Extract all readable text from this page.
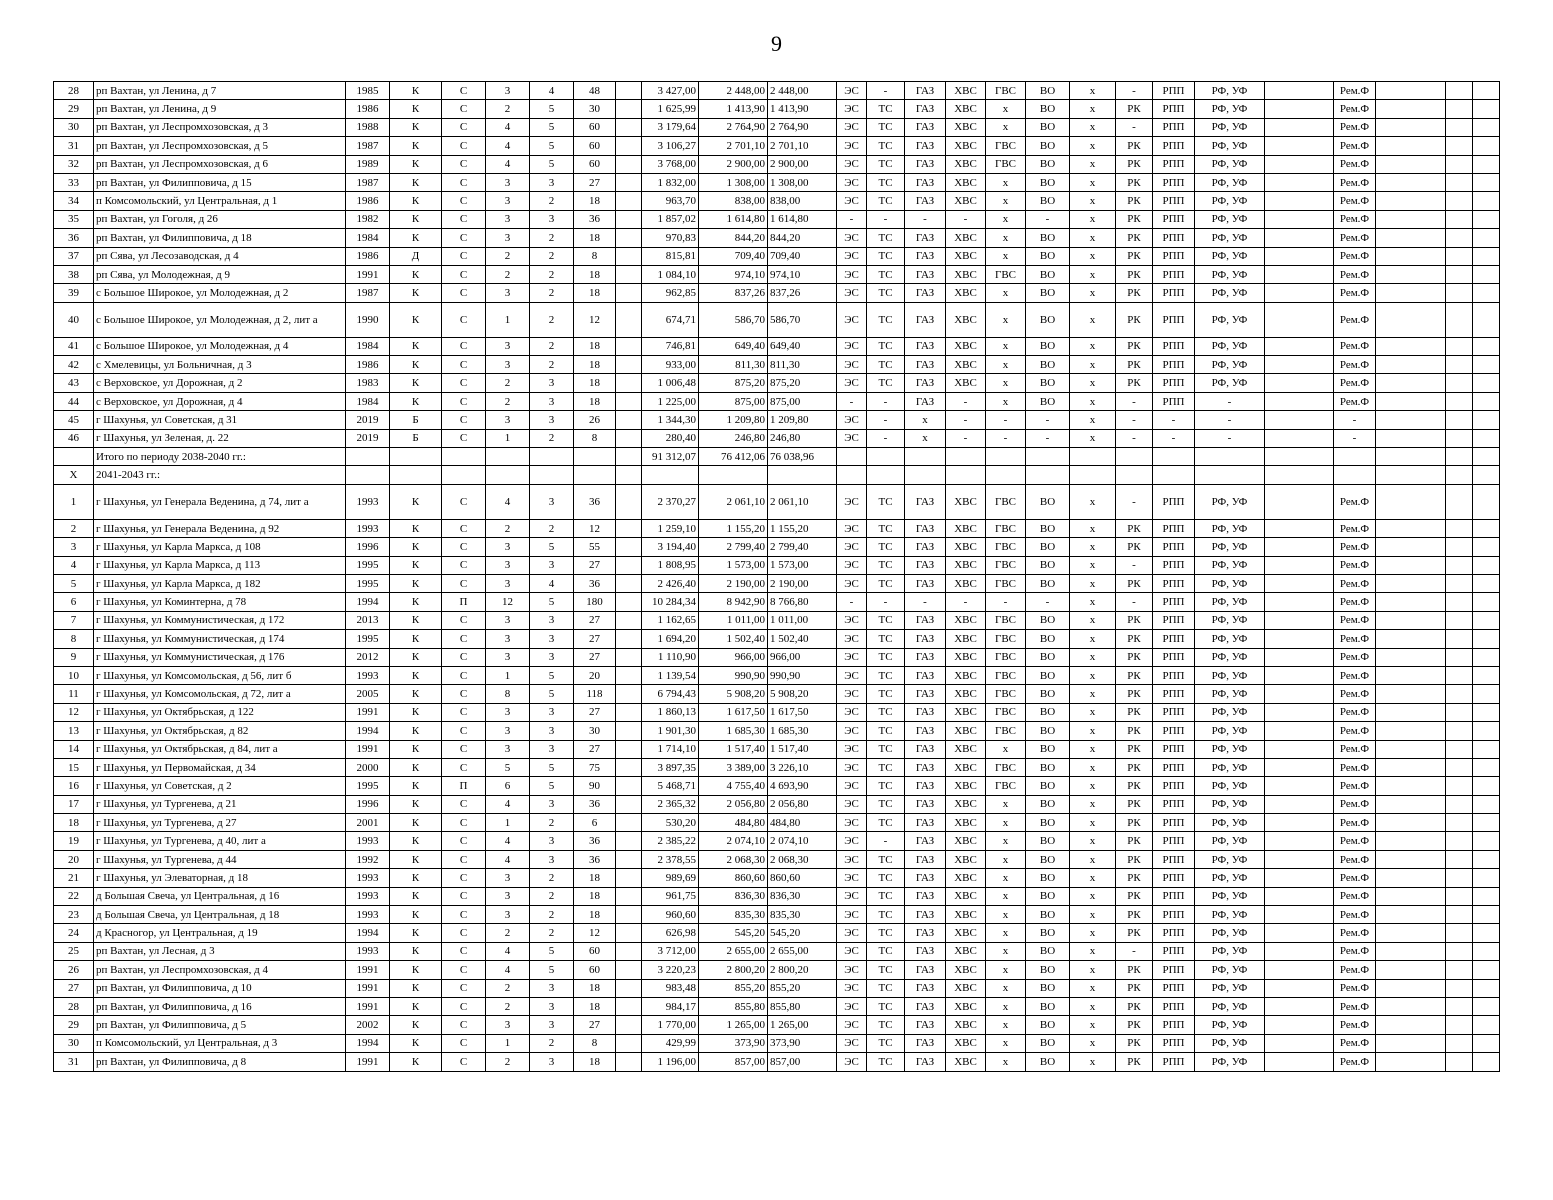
9
28	рп Вахтан, ул Ленина, д 7	1985	К	С	3	4	48		3 427,00	2 448,00	2 448,00	ЭС	-	ГАЗ	ХВС	ГВС	ВО	х	-	РПП	РФ, УФ		Рем.Ф			
29	рп Вахтан, ул Ленина, д 9	1986	К	С	2	5	30		1 625,99	1 413,90	1 413,90	ЭС	ТС	ГАЗ	ХВС	х	ВО	х	РК	РПП	РФ, УФ		Рем.Ф			
30	рп Вахтан, ул Леспромхозовская, д 3	1988	К	С	4	5	60		3 179,64	2 764,90	2 764,90	ЭС	ТС	ГАЗ	ХВС	х	ВО	х	-	РПП	РФ, УФ		Рем.Ф			
31	рп Вахтан, ул Леспромхозовская, д 5	1987	К	С	4	5	60		3 106,27	2 701,10	2 701,10	ЭС	ТС	ГАЗ	ХВС	ГВС	ВО	х	РК	РПП	РФ, УФ		Рем.Ф			
32	рп Вахтан, ул Леспромхозовская, д 6	1989	К	С	4	5	60		3 768,00	2 900,00	2 900,00	ЭС	ТС	ГАЗ	ХВС	ГВС	ВО	х	РК	РПП	РФ, УФ		Рем.Ф			
33	рп Вахтан, ул Филипповича, д 15	1987	К	С	3	3	27		1 832,00	1 308,00	1 308,00	ЭС	ТС	ГАЗ	ХВС	х	ВО	х	РК	РПП	РФ, УФ		Рем.Ф			
34	п Комсомольский, ул Центральная, д 1	1986	К	С	3	2	18		963,70	838,00	838,00	ЭС	ТС	ГАЗ	ХВС	х	ВО	х	РК	РПП	РФ, УФ		Рем.Ф			
35	рп Вахтан, ул Гоголя, д 26	1982	К	С	3	3	36		1 857,02	1 614,80	1 614,80	-	-	-	-	х	-	х	РК	РПП	РФ, УФ		Рем.Ф			
36	рп Вахтан, ул Филипповича, д 18	1984	К	С	3	2	18		970,83	844,20	844,20	ЭС	ТС	ГАЗ	ХВС	х	ВО	х	РК	РПП	РФ, УФ		Рем.Ф			
37	рп Сява, ул Лесозаводская, д 4	1986	Д	С	2	2	8		815,81	709,40	709,40	ЭС	ТС	ГАЗ	ХВС	х	ВО	х	РК	РПП	РФ, УФ		Рем.Ф			
38	рп Сява, ул Молодежная, д 9	1991	К	С	2	2	18		1 084,10	974,10	974,10	ЭС	ТС	ГАЗ	ХВС	ГВС	ВО	х	РК	РПП	РФ, УФ		Рем.Ф			
39	с Большое Широкое, ул Молодежная, д 2	1987	К	С	3	2	18		962,85	837,26	837,26	ЭС	ТС	ГАЗ	ХВС	х	ВО	х	РК	РПП	РФ, УФ		Рем.Ф			
40	с Большое Широкое, ул Молодежная, д 2, лит а	1990	К	С	1	2	12		674,71	586,70	586,70	ЭС	ТС	ГАЗ	ХВС	х	ВО	х	РК	РПП	РФ, УФ		Рем.Ф			
41	с Большое Широкое, ул Молодежная, д 4	1984	К	С	3	2	18		746,81	649,40	649,40	ЭС	ТС	ГАЗ	ХВС	х	ВО	х	РК	РПП	РФ, УФ		Рем.Ф			
42	с Хмелевицы, ул Больничная, д 3	1986	К	С	3	2	18		933,00	811,30	811,30	ЭС	ТС	ГАЗ	ХВС	х	ВО	х	РК	РПП	РФ, УФ		Рем.Ф			
43	с Верховское, ул Дорожная, д 2	1983	К	С	2	3	18		1 006,48	875,20	875,20	ЭС	ТС	ГАЗ	ХВС	х	ВО	х	РК	РПП	РФ, УФ		Рем.Ф			
44	с Верховское, ул Дорожная, д 4	1984	К	С	2	3	18		1 225,00	875,00	875,00	-	-	ГАЗ	-	х	ВО	х	-	РПП	-		Рем.Ф			
45	г Шахунья, ул Советская, д 31	2019	Б	С	3	3	26		1 344,30	1 209,80	1 209,80	ЭС	-	х	-	-	-	х	-	-	-		-			
46	г Шахунья, ул Зеленая, д. 22	2019	Б	С	1	2	8		280,40	246,80	246,80	ЭС	-	х	-	-	-	х	-	-	-		-			
	Итого по периоду 2038-2040 гг.:								91 312,07	76 412,06	76 038,96															
X	2041-2043 гг.:																									
1	г Шахунья, ул Генерала Веденина, д 74, лит а	1993	К	С	4	3	36		2 370,27	2 061,10	2 061,10	ЭС	ТС	ГАЗ	ХВС	ГВС	ВО	х	-	РПП	РФ, УФ		Рем.Ф			
2	г Шахунья, ул Генерала Веденина, д 92	1993	К	С	2	2	12		1 259,10	1 155,20	1 155,20	ЭС	ТС	ГАЗ	ХВС	ГВС	ВО	х	РК	РПП	РФ, УФ		Рем.Ф			
3	г Шахунья, ул Карла Маркса, д 108	1996	К	С	3	5	55		3 194,40	2 799,40	2 799,40	ЭС	ТС	ГАЗ	ХВС	ГВС	ВО	х	РК	РПП	РФ, УФ		Рем.Ф			
4	г Шахунья, ул Карла Маркса, д 113	1995	К	С	3	3	27		1 808,95	1 573,00	1 573,00	ЭС	ТС	ГАЗ	ХВС	ГВС	ВО	х	-	РПП	РФ, УФ		Рем.Ф			
5	г Шахунья, ул Карла Маркса, д 182	1995	К	С	3	4	36		2 426,40	2 190,00	2 190,00	ЭС	ТС	ГАЗ	ХВС	ГВС	ВО	х	РК	РПП	РФ, УФ		Рем.Ф			
6	г Шахунья, ул Коминтерна, д 78	1994	К	П	12	5	180		10 284,34	8 942,90	8 766,80	-	-	-	-	-	-	х	-	РПП	РФ, УФ		Рем.Ф			
7	г Шахунья, ул Коммунистическая, д 172	2013	К	С	3	3	27		1 162,65	1 011,00	1 011,00	ЭС	ТС	ГАЗ	ХВС	ГВС	ВО	х	РК	РПП	РФ, УФ		Рем.Ф			
8	г Шахунья, ул Коммунистическая, д 174	1995	К	С	3	3	27		1 694,20	1 502,40	1 502,40	ЭС	ТС	ГАЗ	ХВС	ГВС	ВО	х	РК	РПП	РФ, УФ		Рем.Ф			
9	г Шахунья, ул Коммунистическая, д 176	2012	К	С	3	3	27		1 110,90	966,00	966,00	ЭС	ТС	ГАЗ	ХВС	ГВС	ВО	х	РК	РПП	РФ, УФ		Рем.Ф			
10	г Шахунья, ул Комсомольская, д 56, лит б	1993	К	С	1	5	20		1 139,54	990,90	990,90	ЭС	ТС	ГАЗ	ХВС	ГВС	ВО	х	РК	РПП	РФ, УФ		Рем.Ф			
11	г Шахунья, ул Комсомольская, д 72, лит а	2005	К	С	8	5	118		6 794,43	5 908,20	5 908,20	ЭС	ТС	ГАЗ	ХВС	ГВС	ВО	х	РК	РПП	РФ, УФ		Рем.Ф			
12	г Шахунья, ул Октябрьская, д 122	1991	К	С	3	3	27		1 860,13	1 617,50	1 617,50	ЭС	ТС	ГАЗ	ХВС	ГВС	ВО	х	РК	РПП	РФ, УФ		Рем.Ф			
13	г Шахунья, ул Октябрьская, д 82	1994	К	С	3	3	30		1 901,30	1 685,30	1 685,30	ЭС	ТС	ГАЗ	ХВС	ГВС	ВО	х	РК	РПП	РФ, УФ		Рем.Ф			
14	г Шахунья, ул Октябрьская, д 84, лит а	1991	К	С	3	3	27		1 714,10	1 517,40	1 517,40	ЭС	ТС	ГАЗ	ХВС	х	ВО	х	РК	РПП	РФ, УФ		Рем.Ф			
15	г Шахунья, ул Первомайская, д 34	2000	К	С	5	5	75		3 897,35	3 389,00	3 226,10	ЭС	ТС	ГАЗ	ХВС	ГВС	ВО	х	РК	РПП	РФ, УФ		Рем.Ф			
16	г Шахунья, ул Советская, д 2	1995	К	П	6	5	90		5 468,71	4 755,40	4 693,90	ЭС	ТС	ГАЗ	ХВС	ГВС	ВО	х	РК	РПП	РФ, УФ		Рем.Ф			
17	г Шахунья, ул Тургенева, д 21	1996	К	С	4	3	36		2 365,32	2 056,80	2 056,80	ЭС	ТС	ГАЗ	ХВС	х	ВО	х	РК	РПП	РФ, УФ		Рем.Ф			
18	г Шахунья, ул Тургенева, д 27	2001	К	С	1	2	6		530,20	484,80	484,80	ЭС	ТС	ГАЗ	ХВС	х	ВО	х	РК	РПП	РФ, УФ		Рем.Ф			
19	г Шахунья, ул Тургенева, д 40, лит а	1993	К	С	4	3	36		2 385,22	2 074,10	2 074,10	ЭС	-	ГАЗ	ХВС	х	ВО	х	РК	РПП	РФ, УФ		Рем.Ф			
20	г Шахунья, ул Тургенева, д 44	1992	К	С	4	3	36		2 378,55	2 068,30	2 068,30	ЭС	ТС	ГАЗ	ХВС	х	ВО	х	РК	РПП	РФ, УФ		Рем.Ф			
21	г Шахунья, ул Элеваторная, д 18	1993	К	С	3	2	18		989,69	860,60	860,60	ЭС	ТС	ГАЗ	ХВС	х	ВО	х	РК	РПП	РФ, УФ		Рем.Ф			
22	д Большая Свеча, ул Центральная, д 16	1993	К	С	3	2	18		961,75	836,30	836,30	ЭС	ТС	ГАЗ	ХВС	х	ВО	х	РК	РПП	РФ, УФ		Рем.Ф			
23	д Большая Свеча, ул Центральная, д 18	1993	К	С	3	2	18		960,60	835,30	835,30	ЭС	ТС	ГАЗ	ХВС	х	ВО	х	РК	РПП	РФ, УФ		Рем.Ф			
24	д Красногор, ул Центральная, д 19	1994	К	С	2	2	12		626,98	545,20	545,20	ЭС	ТС	ГАЗ	ХВС	х	ВО	х	РК	РПП	РФ, УФ		Рем.Ф			
25	рп Вахтан, ул Лесная, д 3	1993	К	С	4	5	60		3 712,00	2 655,00	2 655,00	ЭС	ТС	ГАЗ	ХВС	х	ВО	х	-	РПП	РФ, УФ		Рем.Ф			
26	рп Вахтан, ул Леспромхозовская, д 4	1991	К	С	4	5	60		3 220,23	2 800,20	2 800,20	ЭС	ТС	ГАЗ	ХВС	х	ВО	х	РК	РПП	РФ, УФ		Рем.Ф			
27	рп Вахтан, ул Филипповича, д 10	1991	К	С	2	3	18		983,48	855,20	855,20	ЭС	ТС	ГАЗ	ХВС	х	ВО	х	РК	РПП	РФ, УФ		Рем.Ф			
28	рп Вахтан, ул Филипповича, д 16	1991	К	С	2	3	18		984,17	855,80	855,80	ЭС	ТС	ГАЗ	ХВС	х	ВО	х	РК	РПП	РФ, УФ		Рем.Ф			
29	рп Вахтан, ул Филипповича, д 5	2002	К	С	3	3	27		1 770,00	1 265,00	1 265,00	ЭС	ТС	ГАЗ	ХВС	х	ВО	х	РК	РПП	РФ, УФ		Рем.Ф			
30	п Комсомольский, ул Центральная, д 3	1994	К	С	1	2	8		429,99	373,90	373,90	ЭС	ТС	ГАЗ	ХВС	х	ВО	х	РК	РПП	РФ, УФ		Рем.Ф			
31	рп Вахтан, ул Филипповича, д 8	1991	К	С	2	3	18		1 196,00	857,00	857,00	ЭС	ТС	ГАЗ	ХВС	х	ВО	х	РК	РПП	РФ, УФ		Рем.Ф			
